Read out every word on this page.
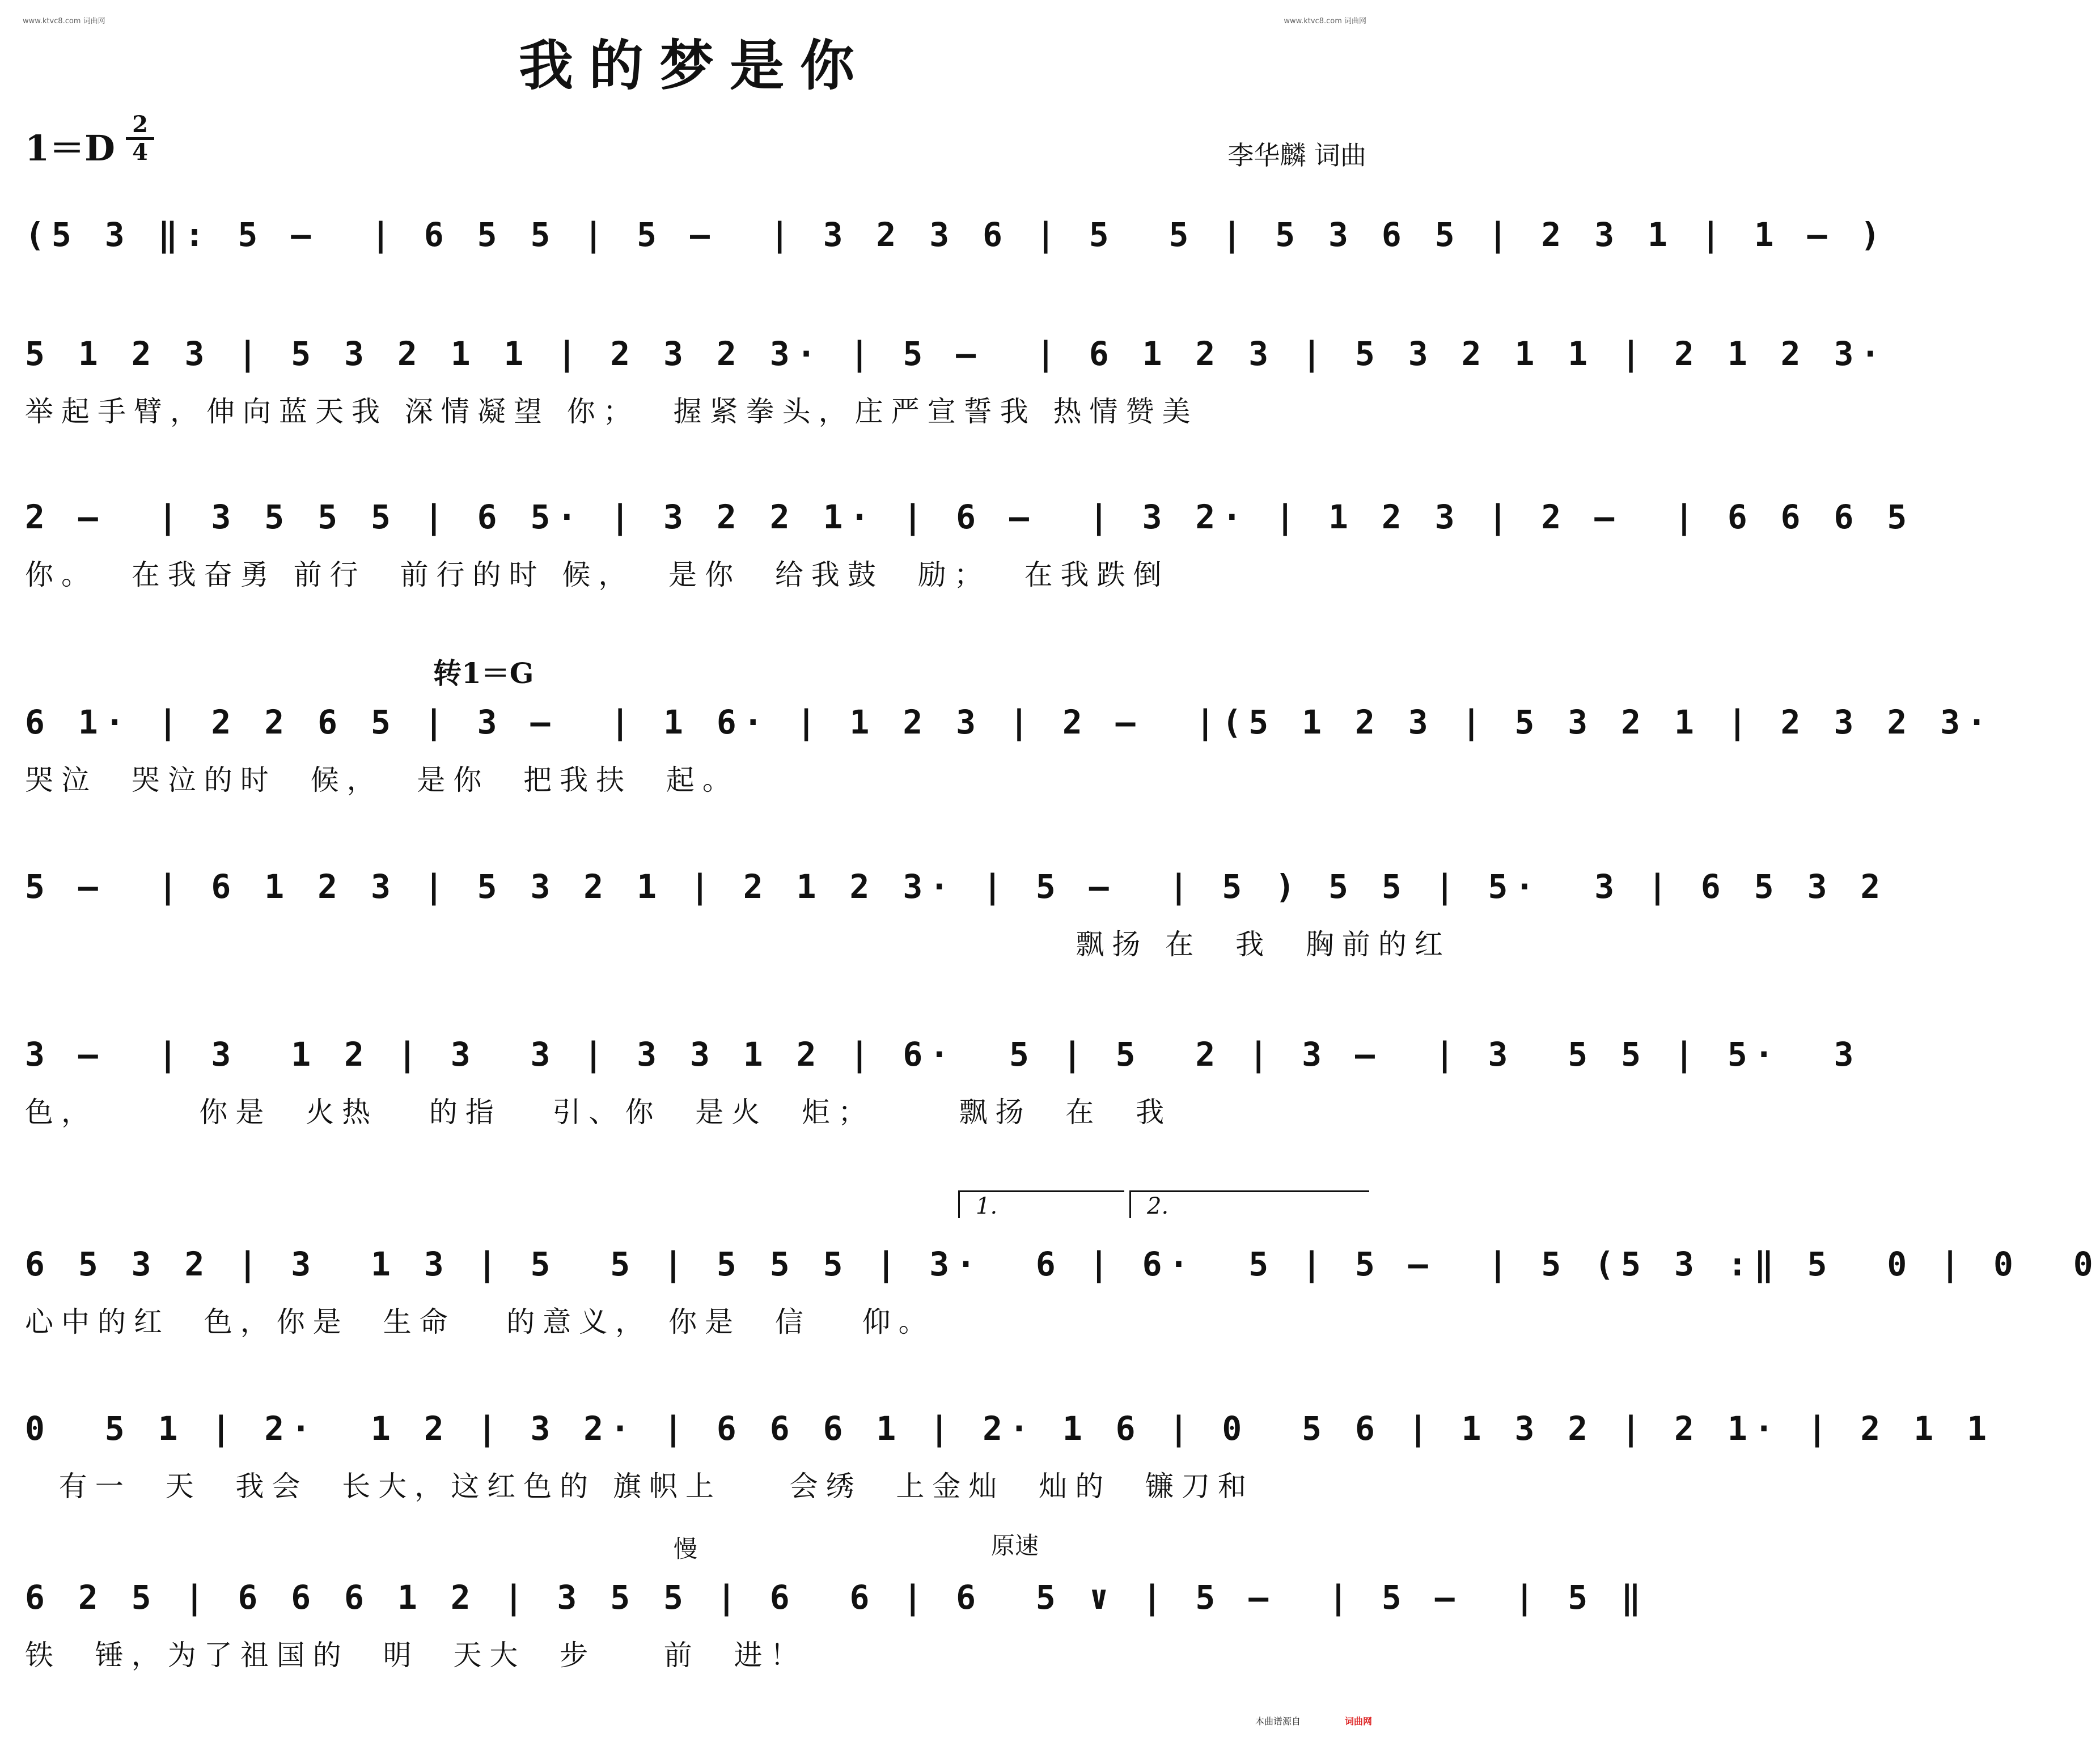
www.ktvc8.com 词曲网	www.ktvc8.com 词曲网
我的梦是你
1＝D
2
4	李华麟 词曲
转1＝G
慢	原速
1.	2.
(5 3 ‖: 5 –  | 6 5 5 | 5 –  | 3 2 3 6 | 5  5 | 5 3 6 5 | 2 3 1 | 1 – )
5 1 2 3 | 5 3 2 1 1 | 2 3 2 3· | 5 –  | 6 1 2 3 | 5 3 2 1 1 | 2 1 2 3·
举起手臂，伸向蓝天我 深情凝望 你；  握紧拳头，庄严宣誓我 热情赞美
2 –  | 3 5 5 5 | 6 5· | 3 2 2 1· | 6 –  | 3 2· | 1 2 3 | 2 –  | 6 6 6 5
你。  在我奋勇 前行  前行的时 候，  是你  给我鼓  励；  在我跌倒
6 1· | 2 2 6 5 | 3 –  | 1 6· | 1 2 3 | 2 –  |(5 1 2 3 | 5 3 2 1 | 2 3 2 3·
哭泣  哭泣的时  候，  是你  把我扶  起。
5 –  | 6 1 2 3 | 5 3 2 1 | 2 1 2 3· | 5 –  | 5 ) 5 5 | 5·  3 | 6 5 3 2
飘扬 在  我  胸前的红
3 –  | 3  1 2 | 3  3 | 3 3 1 2 | 6·  5 | 5  2 | 3 –  | 3  5 5 | 5·  3
色，      你是  火热   的指   引、你  是火  炬；     飘扬  在  我
6 5 3 2 | 3  1 3 | 5  5 | 5 5 5 | 3·  6 | 6·  5 | 5 –  | 5 (5 3 :‖ 5  0 | 0  0
心中的红  色，你是  生命   的意义， 你是  信   仰。
0  5 1 | 2·  1 2 | 3 2· | 6 6 6 1 | 2· 1 6 | 0  5 6 | 1 3 2 | 2 1· | 2 1 1
有一  天  我会  长大，这红色的 旗帜上    会绣  上金灿  灿的  镰刀和
6 2 5 | 6 6 6 1 2 | 3 5 5 | 6  6 | 6  5 ∨ | 5 –  | 5 –  | 5 ‖
铁  锤，为了祖国的  明  天大  步    前  进！
本曲谱源自	词曲网
